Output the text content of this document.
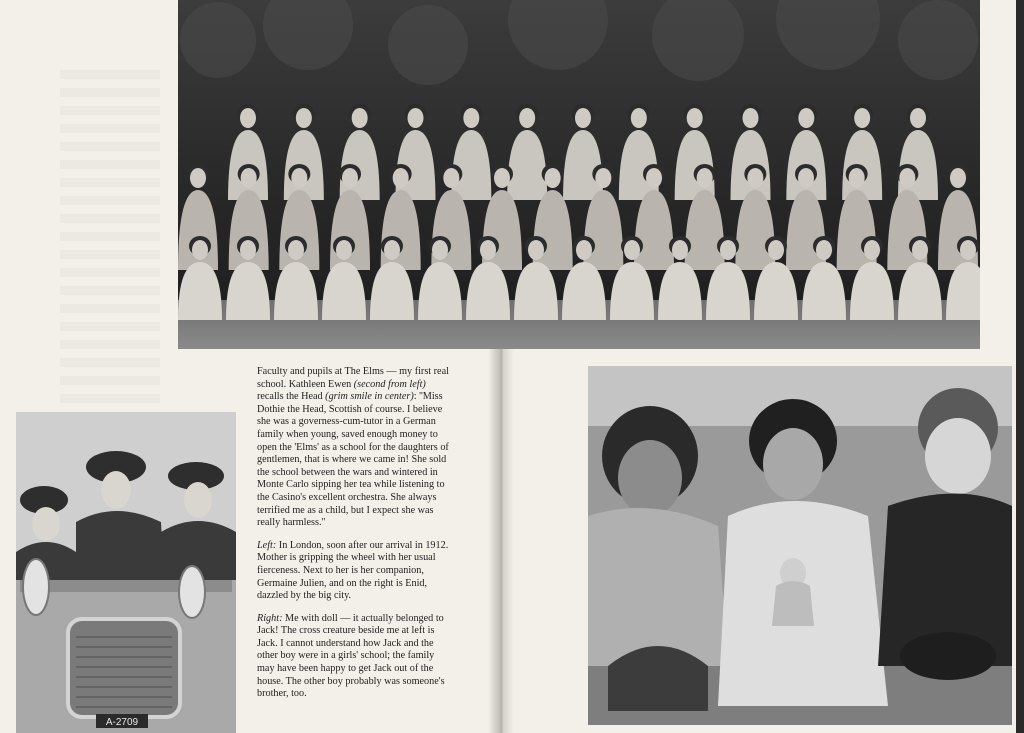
A-2709

Faculty and pupils at The Elms — my first real school. Kathleen Ewen (second from left) recalls the Head (grim smile in center): ''Miss Dothie the Head, Scottish of course. I believe she was a governess-cum-tutor in a German family when young, saved enough money to open the 'Elms' as a school for the daughters of gentlemen, that is where we came in! She sold the school between the wars and wintered in Monte Carlo sipping her tea while listening to the Casino's excellent orchestra. She always terrified me as a child, but I expect she was really harmless.''

Left: In London, soon after our arrival in 1912. Mother is gripping the wheel with her usual fierceness. Next to her is her companion, Germaine Julien, and on the right is Enid, dazzled by the big city.

Right: Me with doll — it actually belonged to Jack! The cross creature beside me at left is Jack. I cannot understand how Jack and the other boy were in a girls' school; the family may have been happy to get Jack out of the house. The other boy probably was someone's brother, too.
